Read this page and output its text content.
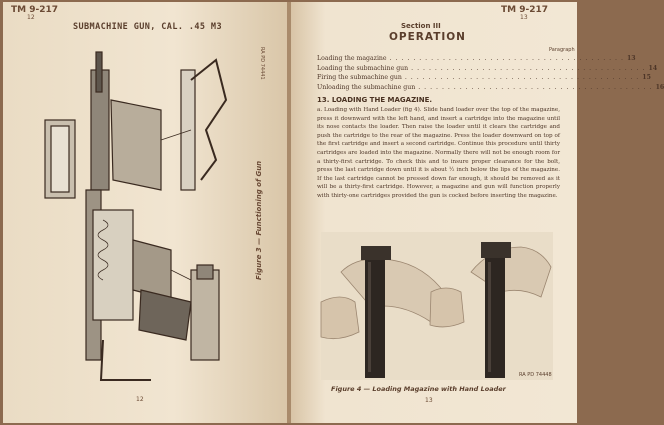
TM 9-217
12
SUBMACHINE GUN, CAL. .45 M3
Figure 3 — Functioning of Gun
RA PD 74441
12
TM 9-217
13
Section III
OPERATION
Paragraph
Loading the magazine . . . . . . . . . . . . . . . . . . . . . . . . . . . . . . . . . . . . . . . . 13
Loading the submachine gun . . . . . . . . . . . . . . . . . . . . . . . . . . . . . . . . . . . . . . . . 14
Firing the submachine gun . . . . . . . . . . . . . . . . . . . . . . . . . . . . . . . . . . . . . . . . 15
Unloading the submachine gun . . . . . . . . . . . . . . . . . . . . . . . . . . . . . . . . . . . . . . . . 16
13. LOADING THE MAGAZINE.
a. Loading with Hand Loader (fig 4). Slide hand loader over the top of the magazine, press it downward with the left hand, and insert a cartridge into the magazine until its nose contacts the loader. Then raise the loader until it clears the cartridge and push the cartridge to the rear of the magazine. Press the loader downward on top of the first cartridge and insert a second cartridge. Continue this procedure until thirty cartridges are loaded into the magazine. Normally there will not be enough room for a thirty-first cartridge. To check this and to insure proper clearance for the bolt, press the last cartridge down until it is about ½ inch below the lips of the magazine. If the last cartridge cannot be pressed down far enough, it should be removed as it will be a thirty-first cartridge. However, a magazine and gun will function properly with thirty-one cartridges provided the gun is cocked before inserting the magazine.
RA PD 74448
Figure 4 — Loading Magazine with Hand Loader
13
